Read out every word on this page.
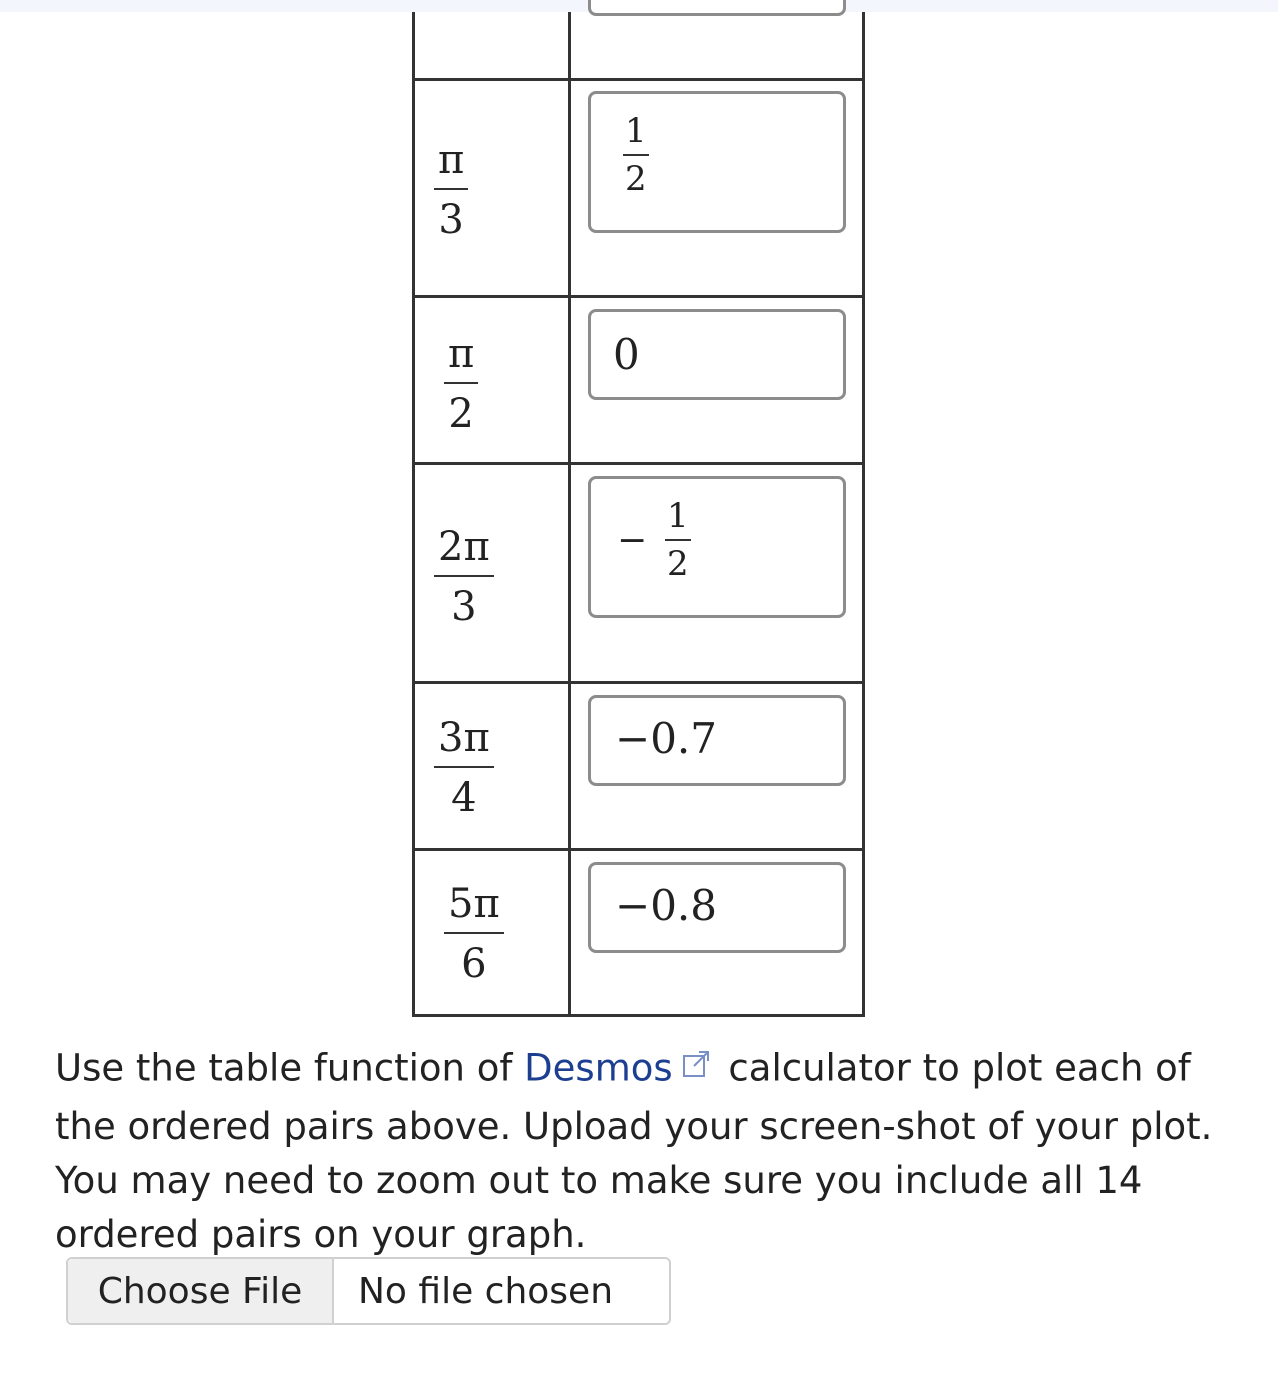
π
3
1
2
π
2
0
2π
3
−
1
2
3π
4
−0.7
5π
6
−0.8
Use the table function of Desmos calculator to plot each of the ordered pairs above. Upload your screen-shot of your plot. You may need to zoom out to make sure you include all 14 ordered pairs on your graph.
Choose File	No file chosen
